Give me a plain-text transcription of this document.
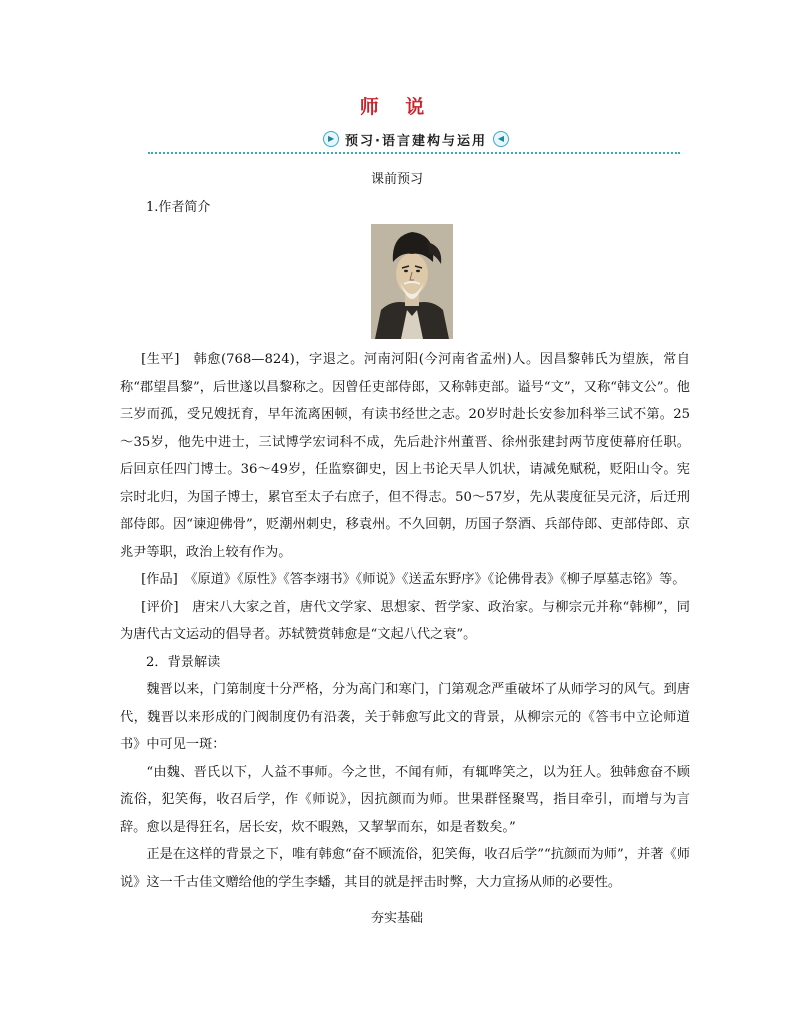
师 说
▶ 预习·语言建构与运用	◀
课前预习
1.作者简介

[生平]　韩愈(768—824)，字退之。河南河阳(今河南省孟州)人。因昌黎韩氏为望族，常自称“郡望昌黎”，后世遂以昌黎称之。因曾任吏部侍郎，又称韩吏部。谥号“文”，又称“韩文公”。他三岁而孤，受兄嫂抚育，早年流离困顿，有读书经世之志。20岁时赴长安参加科举三试不第。25～35岁，他先中进士，三试博学宏词科不成，先后赴汴州董晋、徐州张建封两节度使幕府任职。后回京任四门博士。36～49岁，任监察御史，因上书论天旱人饥状，请减免赋税，贬阳山令。宪宗时北归，为国子博士，累官至太子右庶子，但不得志。50～57岁，先从裴度征吴元济，后迁刑部侍郎。因“谏迎佛骨”，贬潮州刺史，移袁州。不久回朝，历国子祭酒、兵部侍郎、吏部侍郎、京兆尹等职，政治上较有作为。

[作品]　《原道》《原性》《答李翊书》《师说》《送孟东野序》《论佛骨表》《柳子厚墓志铭》等。

[评价]　唐宋八大家之首，唐代文学家、思想家、哲学家、政治家。与柳宗元并称“韩柳”，同为唐代古文运动的倡导者。苏轼赞赏韩愈是“文起八代之衰”。

2．背景解读

魏晋以来，门第制度十分严格，分为高门和寒门，门第观念严重破坏了从师学习的风气。到唐代，魏晋以来形成的门阀制度仍有沿袭，关于韩愈写此文的背景，从柳宗元的《答韦中立论师道书》中可见一斑：

“由魏、晋氏以下，人益不事师。今之世，不闻有师，有辄哗笑之，以为狂人。独韩愈奋不顾流俗，犯笑侮，收召后学，作《师说》，因抗颜而为师。世果群怪聚骂，指目牵引，而增与为言辞。愈以是得狂名，居长安，炊不暇熟，又挈挈而东，如是者数矣。”

正是在这样的背景之下，唯有韩愈“奋不顾流俗，犯笑侮，收召后学”“抗颜而为师”，并著《师说》这一千古佳文赠给他的学生李蟠，其目的就是抨击时弊，大力宣扬从师的必要性。

夯实基础
